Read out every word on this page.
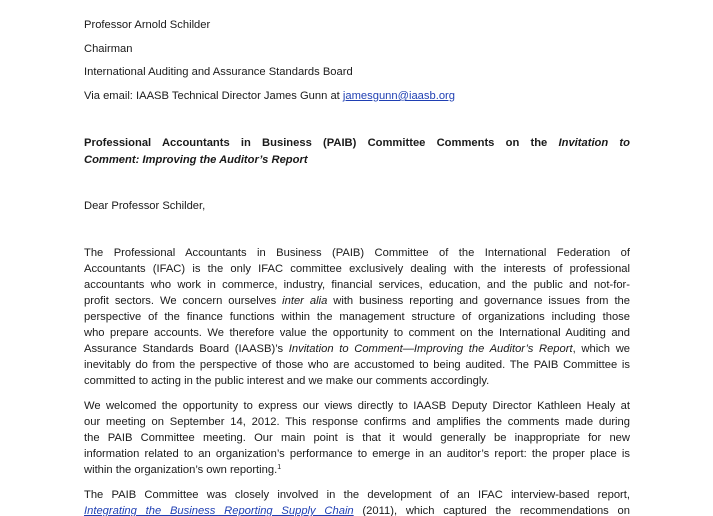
Professor Arnold Schilder
Chairman
International Auditing and Assurance Standards Board
Via email: IAASB Technical Director James Gunn at jamesgunn@iaasb.org
Professional Accountants in Business (PAIB) Committee Comments on the Invitation to
Comment: Improving the Auditor’s Report
Dear Professor Schilder,
The Professional Accountants in Business (PAIB) Committee of the International Federation of
Accountants (IFAC) is the only IFAC committee exclusively dealing with the interests of professional
accountants who work in commerce, industry, financial services, education, and the public and not-for-
profit sectors. We concern ourselves inter alia with business reporting and governance issues from the
perspective of the finance functions within the management structure of organizations including those
who prepare accounts. We therefore value the opportunity to comment on the International Auditing and
Assurance Standards Board (IAASB)’s Invitation to Comment—Improving the Auditor’s Report, which we
inevitably do from the perspective of those who are accustomed to being audited. The PAIB Committee is
committed to acting in the public interest and we make our comments accordingly.
We welcomed the opportunity to express our views directly to IAASB Deputy Director Kathleen Healy at
our meeting on September 14, 2012. This response confirms and amplifies the comments made during
the PAIB Committee meeting. Our main point is that it would generally be inappropriate for new
information related to an organization’s performance to emerge in an auditor’s report: the proper place is
within the organization’s own reporting.$^1$
The PAIB Committee was closely involved in the development of an IFAC interview-based report,
Integrating the Business Reporting Supply Chain (2011), which captured the recommendations on
